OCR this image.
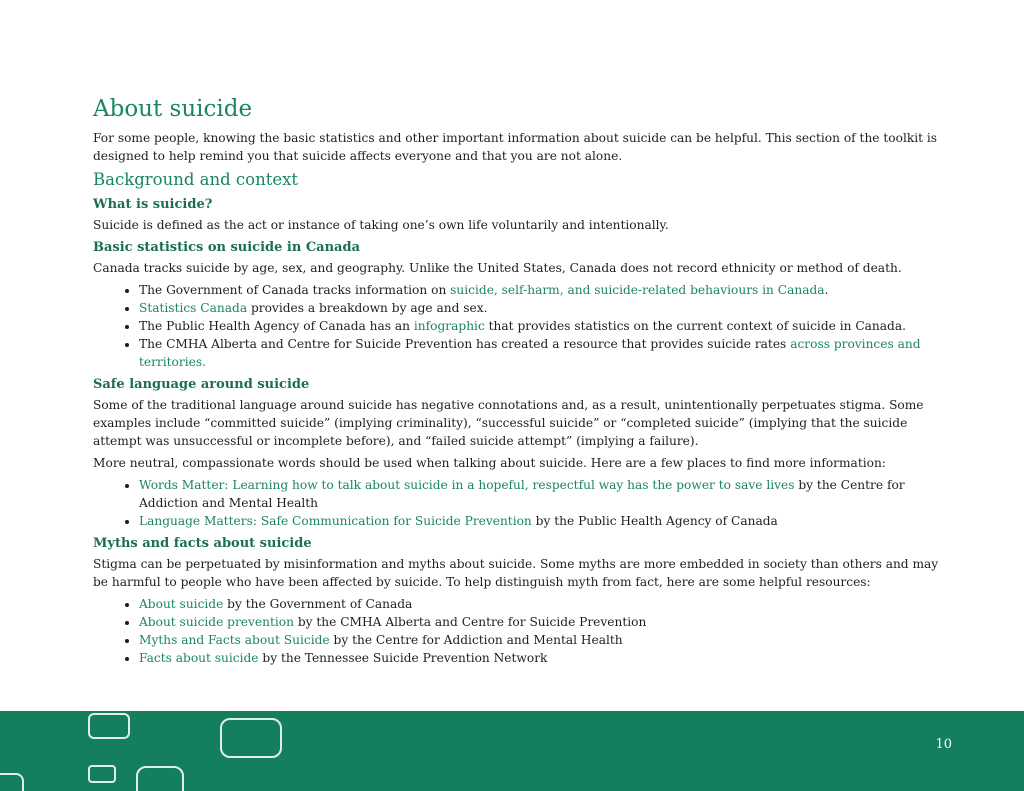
About suicide

For some people, knowing the basic statistics and other important information about suicide can be helpful. This section of the toolkit is designed to help remind you that suicide affects everyone and that you are not alone.

Background and context
What is suicide?

Suicide is defined as the act or instance of taking one’s own life voluntarily and intentionally.

Basic statistics on suicide in Canada

Canada tracks suicide by age, sex, and geography. Unlike the United States, Canada does not record ethnicity or method of death.

• The Government of Canada tracks information on suicide, self-harm, and suicide-related behaviours in Canada.
• Statistics Canada provides a breakdown by age and sex.
• The Public Health Agency of Canada has an infographic that provides statistics on the current context of suicide in Canada.
• The CMHA Alberta and Centre for Suicide Prevention has created a resource that provides suicide rates across provinces and territories.
Safe language around suicide

Some of the traditional language around suicide has negative connotations and, as a result, unintentionally perpetuates stigma. Some examples include “committed suicide” (implying criminality), “successful suicide” or “completed suicide” (implying that the suicide attempt was unsuccessful or incomplete before), and “failed suicide attempt” (implying a failure).

More neutral, compassionate words should be used when talking about suicide. Here are a few places to find more information:

• Words Matter: Learning how to talk about suicide in a hopeful, respectful way has the power to save lives by the Centre for Addiction and Mental Health
• Language Matters: Safe Communication for Suicide Prevention by the Public Health Agency of Canada
Myths and facts about suicide

Stigma can be perpetuated by misinformation and myths about suicide. Some myths are more embedded in society than others and may be harmful to people who have been affected by suicide. To help distinguish myth from fact, here are some helpful resources:

• About suicide by the Government of Canada
• About suicide prevention by the CMHA Alberta and Centre for Suicide Prevention
• Myths and Facts about Suicide by the Centre for Addiction and Mental Health
• Facts about suicide by the Tennessee Suicide Prevention Network
10
